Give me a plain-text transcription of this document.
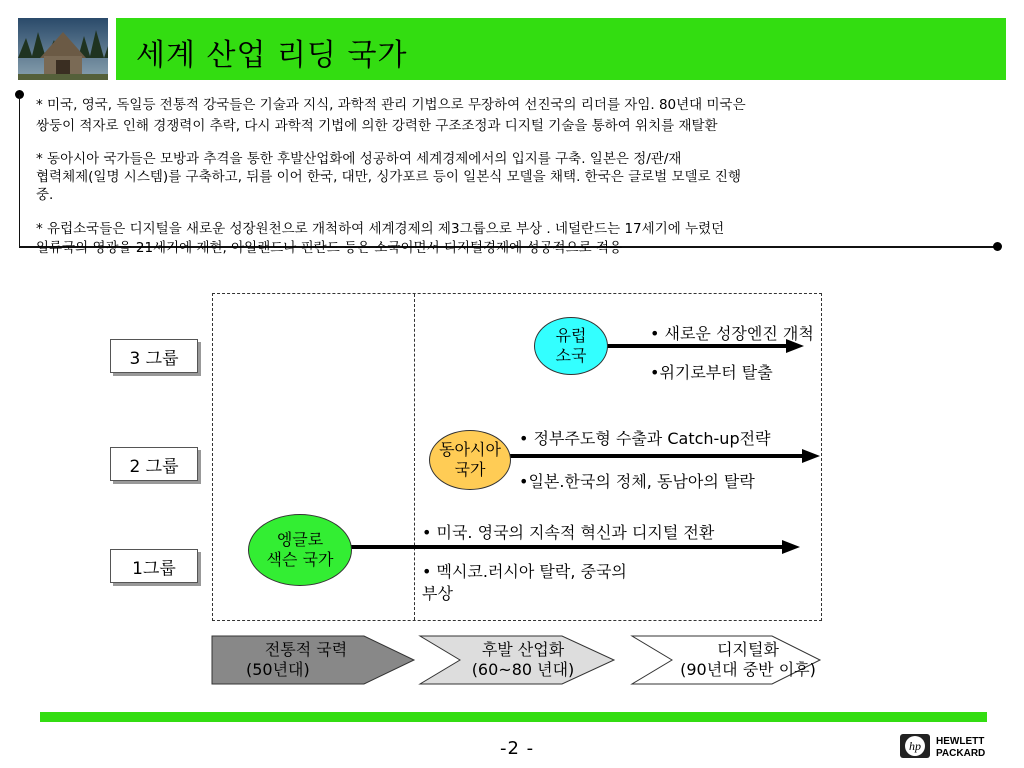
세계 산업 리딩 국가
* 미국, 영국, 독일등 전통적 강국들은 기술과 지식, 과학적 관리 기법으로 무장하여 선진국의 리더를 자임. 80년대 미국은
쌍둥이 적자로 인해 경쟁력이 추락, 다시 과학적 기법에 의한 강력한 구조조정과 디지털 기술을 통하여 위치를 재탈환
* 동아시아 국가들은 모방과 추격을 통한 후발산업화에 성공하여 세계경제에서의 입지를 구축. 일본은 정/관/재
협력체제(일명 시스템)를 구축하고, 뒤를 이어 한국, 대만, 싱가포르 등이 일본식 모델을 채택. 한국은 글로벌 모델로 진행
중.
* 유럽소국들은 디지털을 새로운 성장원천으로 개척하여 세계경제의 제3그룹으로 부상 . 네덜란드는 17세기에 누렸던
일류국의 영광을 21세기에 재현, 아일랜드나 핀란드 등은 소국이면서 디지털경제에 성공적으로 적응
3 그룹
2 그룹
1그룹
유럽
소국
동아시아
국가
엥글로
색슨 국가
• 새로운 성장엔진 개척
•위기로부터 탈출
• 정부주도형 수출과 Catch-up전략
•일본.한국의 정체, 동남아의 탈락
• 미국. 영국의 지속적 혁신과 디지털 전환
• 멕시코.러시아 탈락, 중국의
부상
전통적 국력
(50년대)
후발 산업화
(60~80 년대)
디지털화
(90년대 중반 이후)
-2 -	hp HEWLETT
PACKARD
